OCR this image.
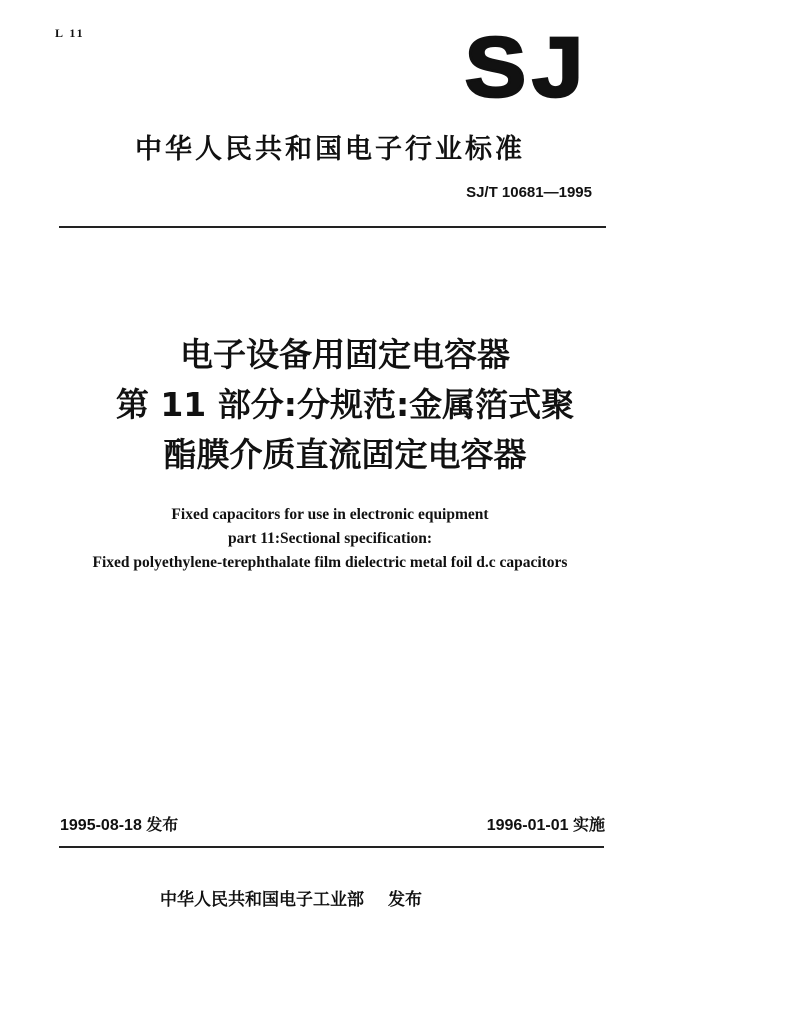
L 11	SJ
中华人民共和国电子行业标准
SJ/T 10681—1995
电子设备用固定电容器
第 11 部分:分规范:金属箔式聚
酯膜介质直流固定电容器
Fixed capacitors for use in electronic equipment
part 11:Sectional specification:
Fixed polyethylene-terephthalate film dielectric metal foil d.c capacitors
1995-08-18 发布	1996-01-01 实施
中华人民共和国电子工业部 发布
